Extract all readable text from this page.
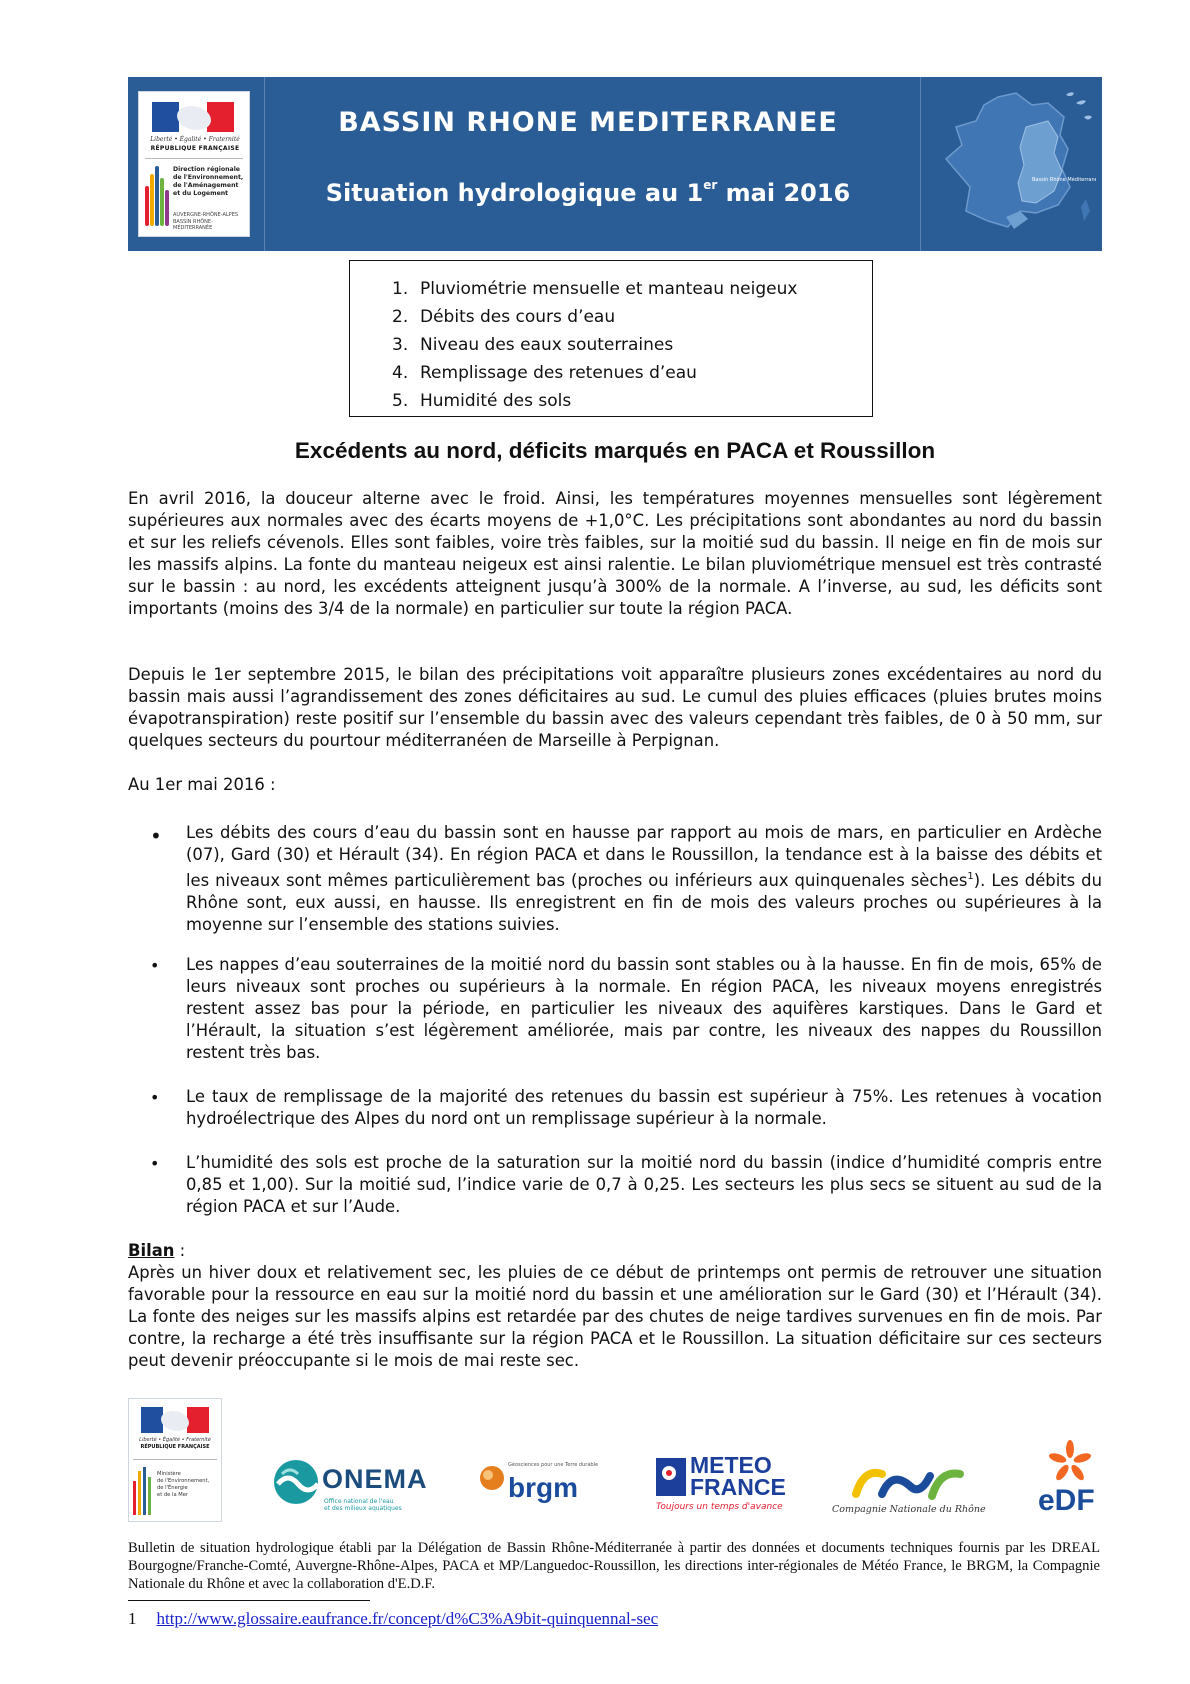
Liberté • Égalité • Fraternité
RÉPUBLIQUE FRANÇAISE
Direction régionale
de l'Environnement,
de l'Aménagement
et du Logement
AUVERGNE-RHÔNE-ALPES
BASSIN RHÔNE-MÉDITERRANÉE
BASSIN RHONE MEDITERRANEE
Situation hydrologique au 1er mai 2016	Bassin Rhône Méditerranée
1. Pluviométrie mensuelle et manteau neigeux
2. Débits des cours d’eau
3. Niveau des eaux souterraines
4. Remplissage des retenues d’eau
5. Humidité des sols
Excédents au nord, déficits marqués en PACA et Roussillon
En avril 2016, la douceur alterne avec le froid. Ainsi, les températures moyennes mensuelles sont légèrement supérieures aux normales avec des écarts moyens de +1,0°C. Les précipitations sont abondantes au nord du bassin et sur les reliefs cévenols. Elles sont faibles, voire très faibles, sur la moitié sud du bassin. Il neige en fin de mois sur les massifs alpins. La fonte du manteau neigeux est ainsi ralentie. Le bilan pluviométrique mensuel est très contrasté sur le bassin : au nord, les excédents atteignent jusqu’à 300% de la normale. A l’inverse, au sud, les déficits sont importants (moins des 3/4 de la normale) en particulier sur toute la région PACA.
Depuis le 1er septembre 2015, le bilan des précipitations voit apparaître plusieurs zones excédentaires au nord du bassin mais aussi l’agrandissement des zones déficitaires au sud. Le cumul des pluies efficaces (pluies brutes moins évapotranspiration) reste positif sur l’ensemble du bassin avec des valeurs cependant très faibles, de 0 à 50 mm, sur quelques secteurs du pourtour méditerranéen de Marseille à Perpignan.
Au 1er mai 2016 :
• Les débits des cours d’eau du bassin sont en hausse par rapport au mois de mars, en particulier en Ardèche (07), Gard (30) et Hérault (34). En région PACA et dans le Roussillon, la tendance est à la baisse des débits et les niveaux sont mêmes particulièrement bas (proches ou inférieurs aux quinquenales sèches$^1$). Les débits du Rhône sont, eux aussi, en hausse. Ils enregistrent en fin de mois des valeurs proches ou supérieures à la moyenne sur l’ensemble des stations suivies.
• Les nappes d’eau souterraines de la moitié nord du bassin sont stables ou à la hausse. En fin de mois, 65% de leurs niveaux sont proches ou supérieurs à la normale. En région PACA, les niveaux moyens enregistrés restent assez bas pour la période, en particulier les niveaux des aquifères karstiques. Dans le Gard et l’Hérault, la situation s’est légèrement améliorée, mais par contre, les niveaux des nappes du Roussillon restent très bas.
• Le taux de remplissage de la majorité des retenues du bassin est supérieur à 75%. Les retenues à vocation hydroélectrique des Alpes du nord ont un remplissage supérieur à la normale.
• L’humidité des sols est proche de la saturation sur la moitié nord du bassin (indice d’humidité compris entre 0,85 et 1,00). Sur la moitié sud, l’indice varie de 0,7 à 0,25. Les secteurs les plus secs se situent au sud de la région PACA et sur l’Aude.
Bilan :
Après un hiver doux et relativement sec, les pluies de ce début de printemps ont permis de retrouver une situation favorable pour la ressource en eau sur la moitié nord du bassin et une amélioration sur le Gard (30) et l’Hérault (34). La fonte des neiges sur les massifs alpins est retardée par des chutes de neige tardives survenues en fin de mois. Par contre, la recharge a été très insuffisante sur la région PACA et le Roussillon. La situation déficitaire sur ces secteurs peut devenir préoccupante si le mois de mai reste sec.
Liberté • Égalité • Fraternité
RÉPUBLIQUE FRANÇAISE
Ministère
de l'Environnement,
de l'Énergie
et de la Mer
ONEMA
Office national de l'eau
et des milieux aquatiques
Géosciences pour une Terre durable
brgm
METEO
FRANCE
Toujours un temps d'avance	Compagnie Nationale du Rhône eDF
Bulletin de situation hydrologique établi par la Délégation de Bassin Rhône-Méditerranée à partir des données et documents techniques fournis par les DREAL Bourgogne/Franche-Comté, Auvergne-Rhône-Alpes, PACA et MP/Languedoc-Roussillon, les directions inter-régionales de Météo France, le BRGM, la Compagnie Nationale du Rhône et avec la collaboration d'E.D.F.
1 http://www.glossaire.eaufrance.fr/concept/d%C3%A9bit-quinquennal-sec
